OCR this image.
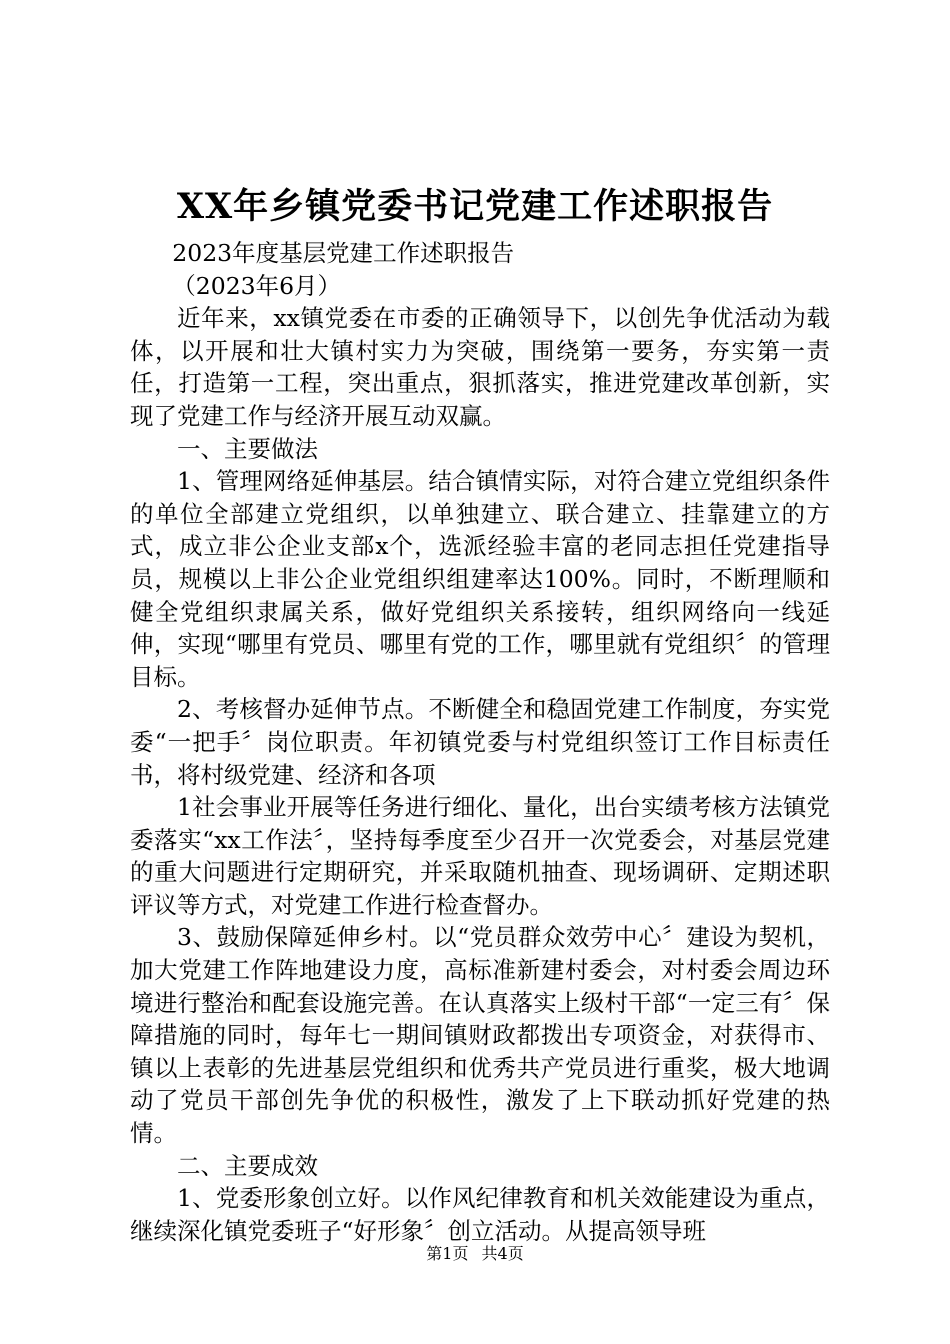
XX年乡镇党委书记党建工作述职报告

2023年度基层党建工作述职报告

（2023年6月）

近年来，xx镇党委在市委的正确领导下，以创先争优活动为载体，以开展和壮大镇村实力为突破，围绕第一要务，夯实第一责任，打造第一工程，突出重点，狠抓落实，推进党建改革创新，实现了党建工作与经济开展互动双赢。

一、主要做法

1、管理网络延伸基层。结合镇情实际，对符合建立党组织条件的单位全部建立党组织，以单独建立、联合建立、挂靠建立的方式，成立非公企业支部x个，选派经验丰富的老同志担任党建指导员，规模以上非公企业党组织组建率达100%。同时，不断理顺和健全党组织隶属关系，做好党组织关系接转，组织网络向一线延伸，实现“哪里有党员、哪里有党的工作，哪里就有党组织〞的管理目标。

2、考核督办延伸节点。不断健全和稳固党建工作制度，夯实党委“一把手〞岗位职责。年初镇党委与村党组织签订工作目标责任书，将村级党建、经济和各项

1社会事业开展等任务进行细化、量化，出台实绩考核方法镇党委落实“xx工作法〞，坚持每季度至少召开一次党委会，对基层党建的重大问题进行定期研究，并采取随机抽查、现场调研、定期述职评议等方式，对党建工作进行检查督办。

3、鼓励保障延伸乡村。以“党员群众效劳中心〞建设为契机，加大党建工作阵地建设力度，高标准新建村委会，对村委会周边环境进行整治和配套设施完善。在认真落实上级村干部“一定三有〞保障措施的同时，每年七一期间镇财政都拨出专项资金，对获得市、镇以上表彰的先进基层党组织和优秀共产党员进行重奖，极大地调动了党员干部创先争优的积极性，激发了上下联动抓好党建的热情。

二、主要成效

1、党委形象创立好。以作风纪律教育和机关效能建设为重点，继续深化镇党委班子“好形象〞创立活动。从提高领导班

第1页 共4页
